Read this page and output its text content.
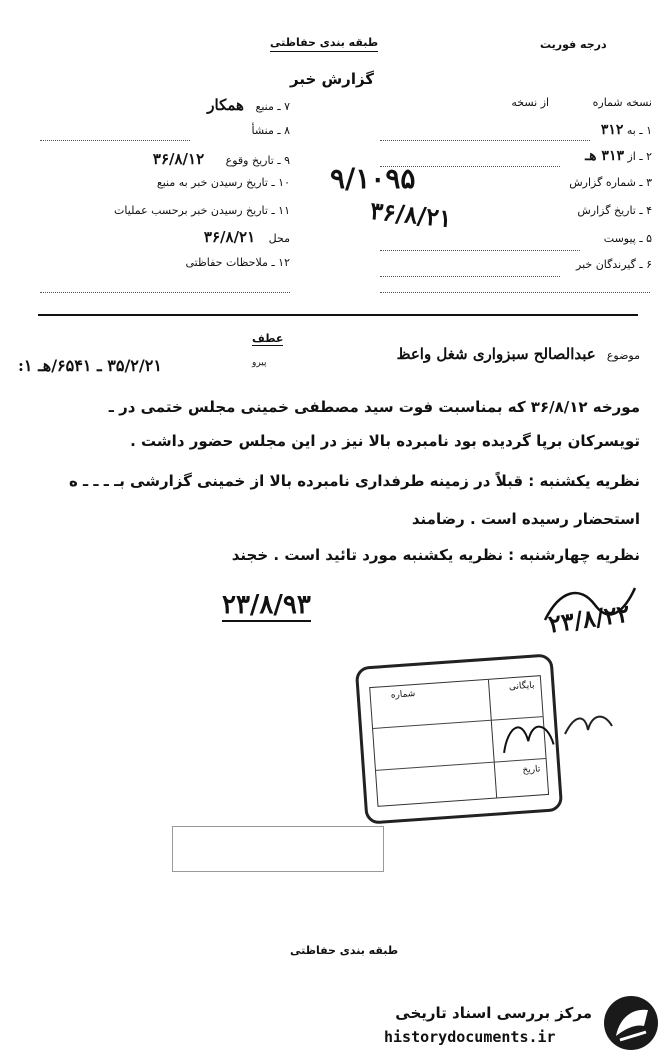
درجه فوریت
طبقه بندی حفاظتی
گزارش خبر
نسخه شماره از نسخه
۱ ـ به ۳۱۲
۲ ـ از ۳۱۳ هـ
۳ ـ شماره گزارش
۴ ـ تاریخ گزارش
۵ ـ پیوست
۶ ـ گیرندگان خبر
۹/۱۰۹۵
۳۶/۸/۲۱
۷ ـ منبع همکار
۸ ـ منشأ
۹ ـ تاریخ وقوع ۳۶/۸/۱۲
۱۰ ـ تاریخ رسیدن خبر به منبع
۱۱ ـ تاریخ رسیدن خبر برحسب عملیات
محل ۳۶/۸/۲۱
۱۲ ـ ملاحظات حفاظتی
موضوع عبدالصالح سبزواری شغل واعظ
عطف
پیرو
۳۵/۲/۲۱ ـ ۶۵۴۱/هـ ۱:
مورخه ۳۶/۸/۱۲ که بمناسبت فوت سید مصطفی خمینی مجلس ختمی در ـ
تویسرکان برپا گردیده بود نامبرده بالا نیز در این مجلس حضور داشت .
نظریه یکشنبه : قبلاً در زمینه طرفداری نامبرده بالا از خمینی گزارشی بـ ـ ـ ـ ه
استحضار رسیده است . رضامند
نظریه چهارشنبه : نظریه یکشنبه مورد تائید است . خجند
۲۳/۸/۹۳	۲۳/۸/۲۲
بایگانی
شماره
تاریخ
طبقه بندی حفاظتی
مرکز بررسی اسناد تاریخی
historydocuments.ir
